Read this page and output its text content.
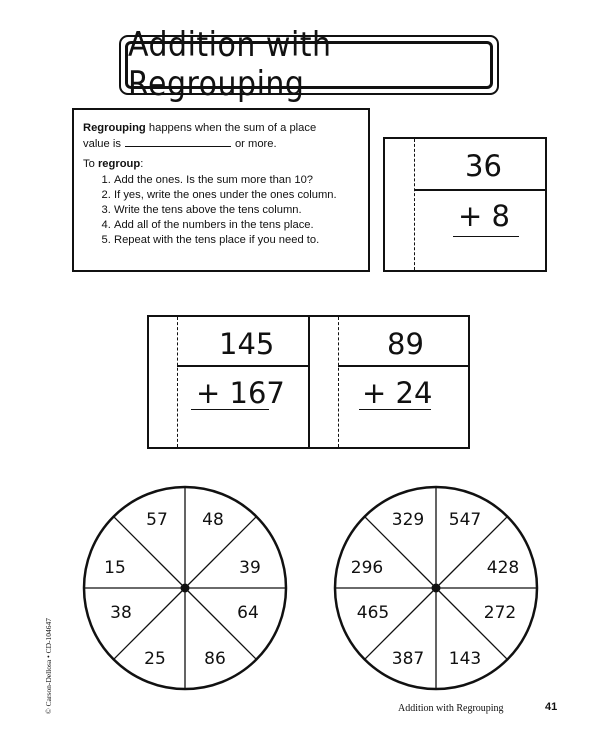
Addition with Regrouping
Regrouping happens when the sum of a place
value is	or more.
To regroup:
1. Add the ones. Is the sum more than 10?
2. If yes, write the ones under the ones column.
3. Write the tens above the tens column.
4. Add all of the numbers in the tens place.
5. Repeat with the tens place if you need to.
36
+ 8
145
+ 167
89
+ 24
57 48
39
64
86
25
38
15
329 547
428
272
143
387
465
296
© Carson-Dellosa • CD-104647	Addition with Regrouping	41
